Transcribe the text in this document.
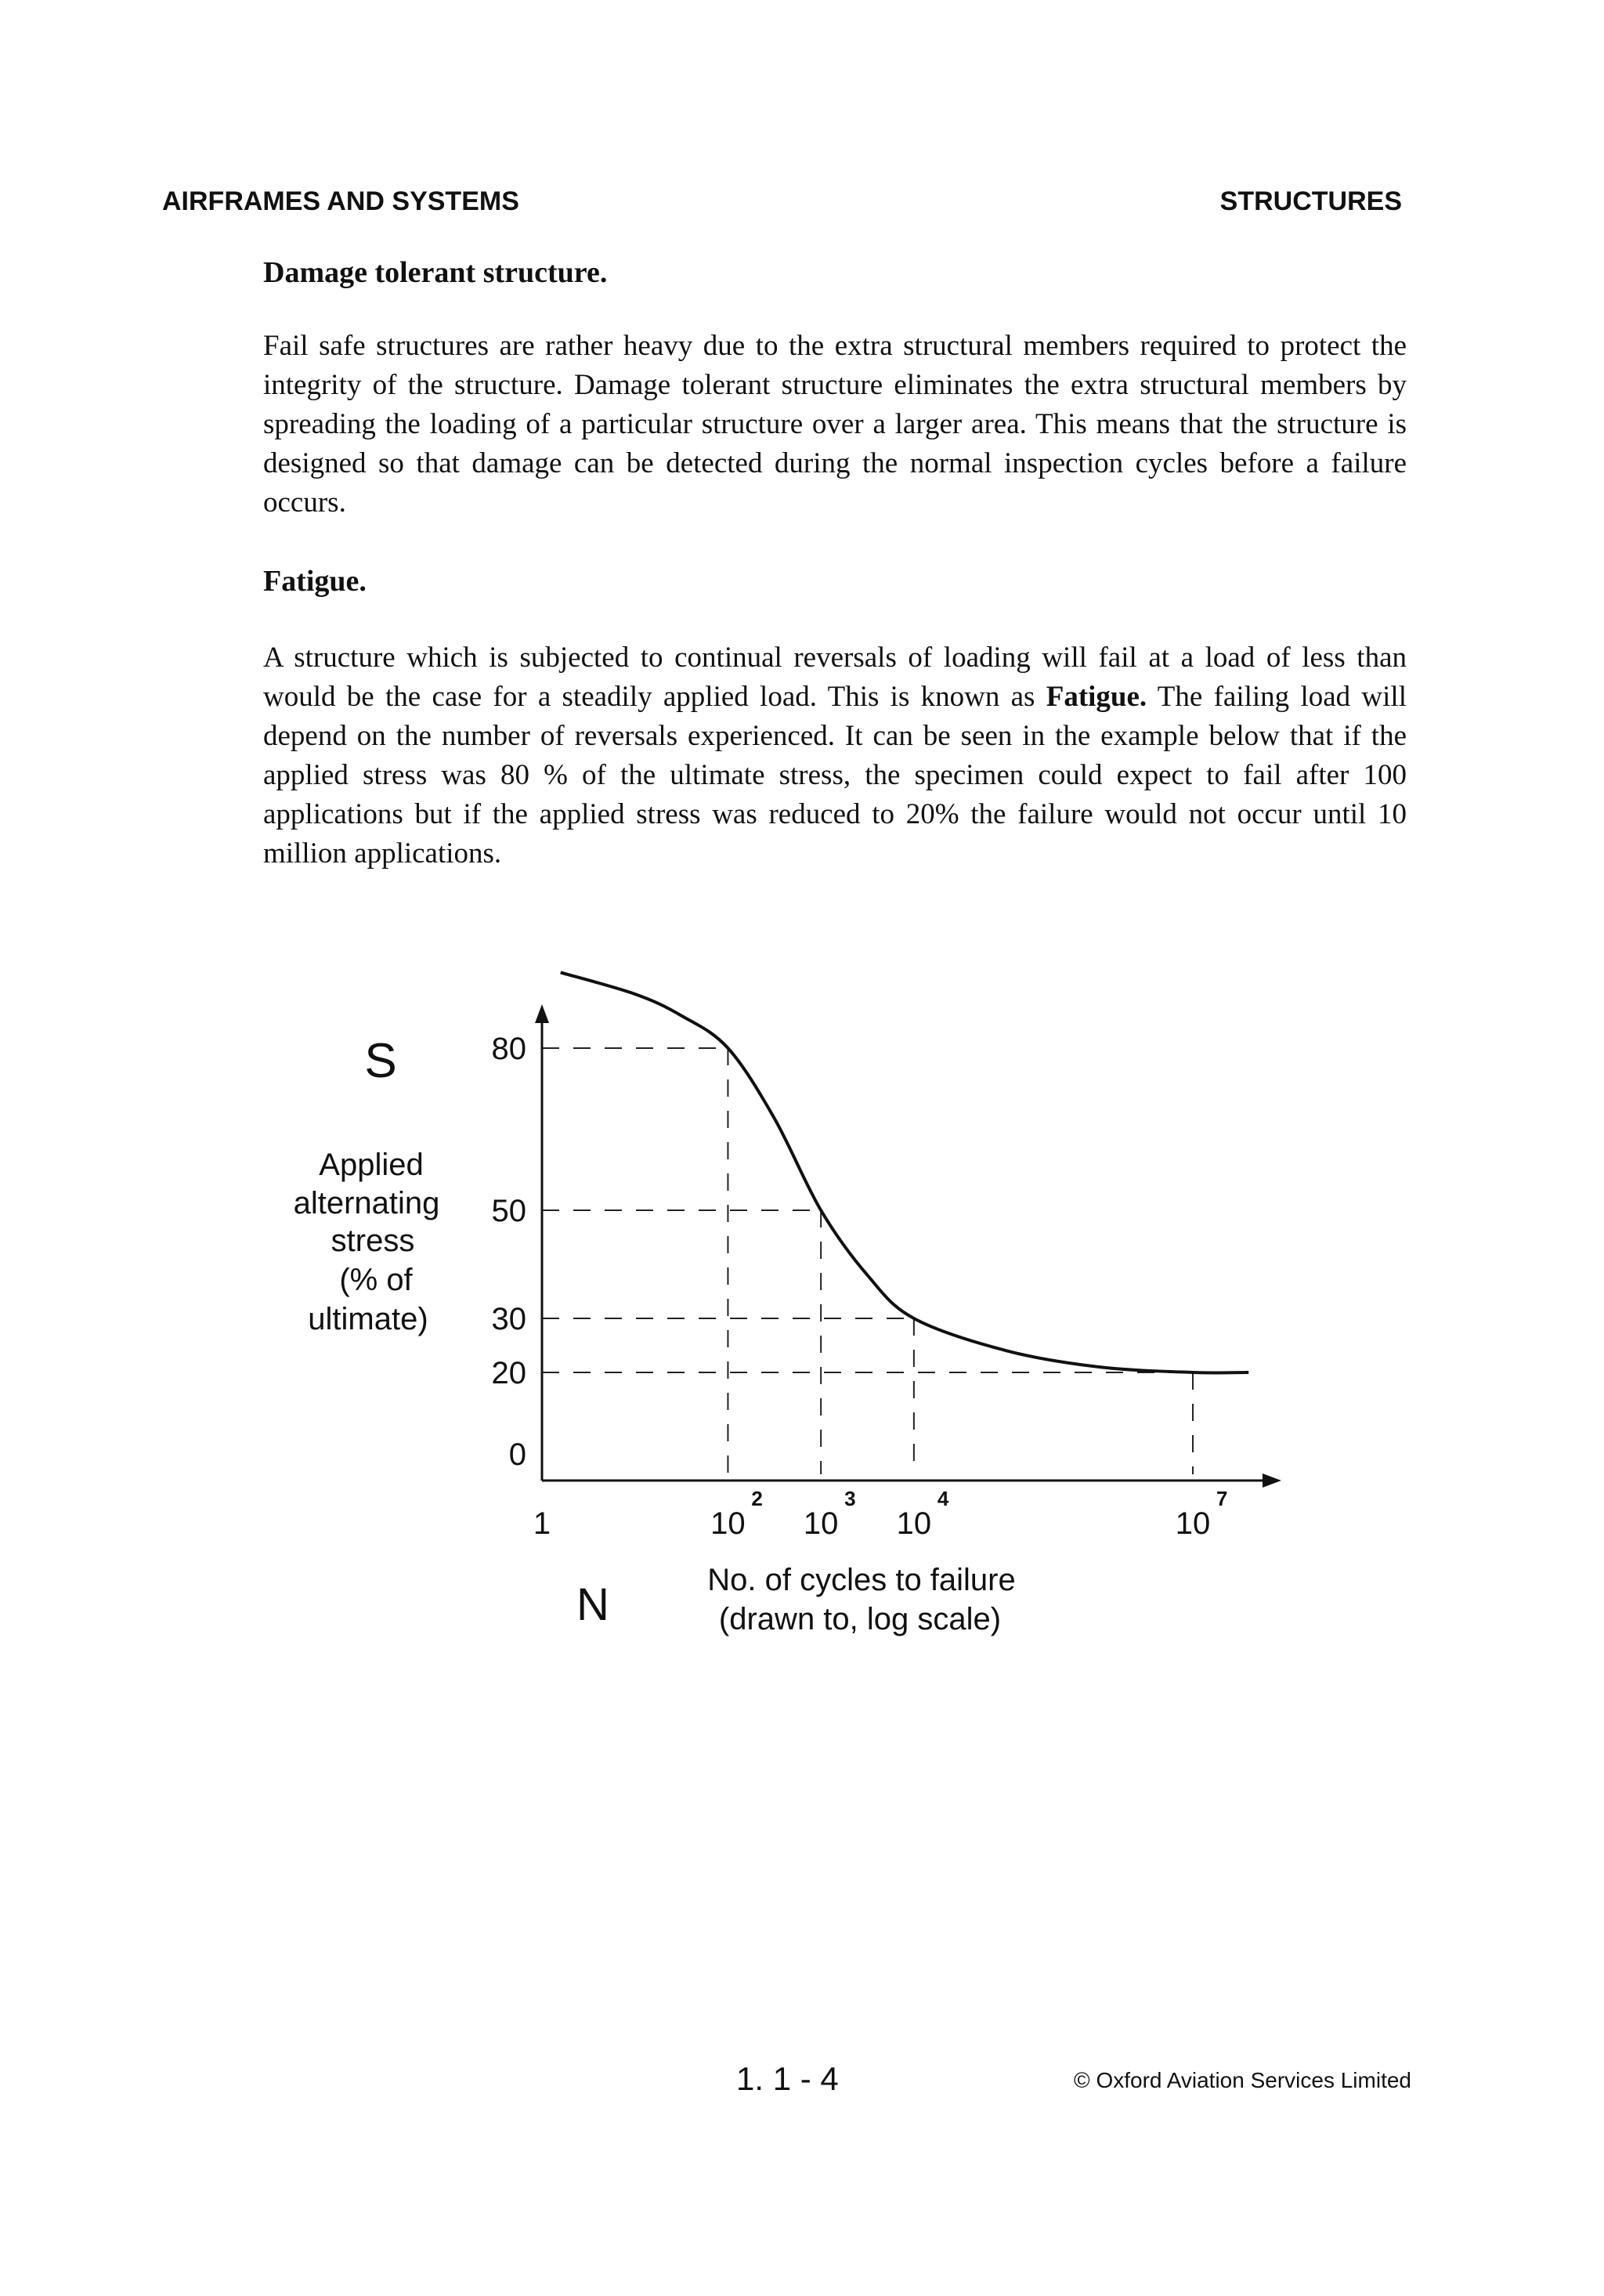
AIRFRAMES AND SYSTEMS	STRUCTURES
Damage tolerant structure.
Fail safe structures are rather heavy due to the extra structural members required to protect the integrity of the structure. Damage tolerant structure eliminates the extra structural members by spreading the loading of a particular structure over a larger area. This means that the structure is designed so that damage can be detected during the normal inspection cycles before a failure occurs.
Fatigue.
A structure which is subjected to continual reversals of loading will fail at a load of less than would be the case for a steadily applied load. This is known as Fatigue. The failing load will depend on the number of reversals experienced. It can be seen in the example below that if the applied stress was 80 % of the ultimate stress, the specimen could expect to fail after 100 applications but if the applied stress was reduced to 20% the failure would not occur until 10 million applications.
80
50
30
20
0
1	10
2
10
3
10
4
10
7
S
Applied
alternating
stress
(% of
ultimate)
N	No. of cycles to failure
(drawn to, log scale)
1. 1 - 4	© Oxford Aviation Services Limited
